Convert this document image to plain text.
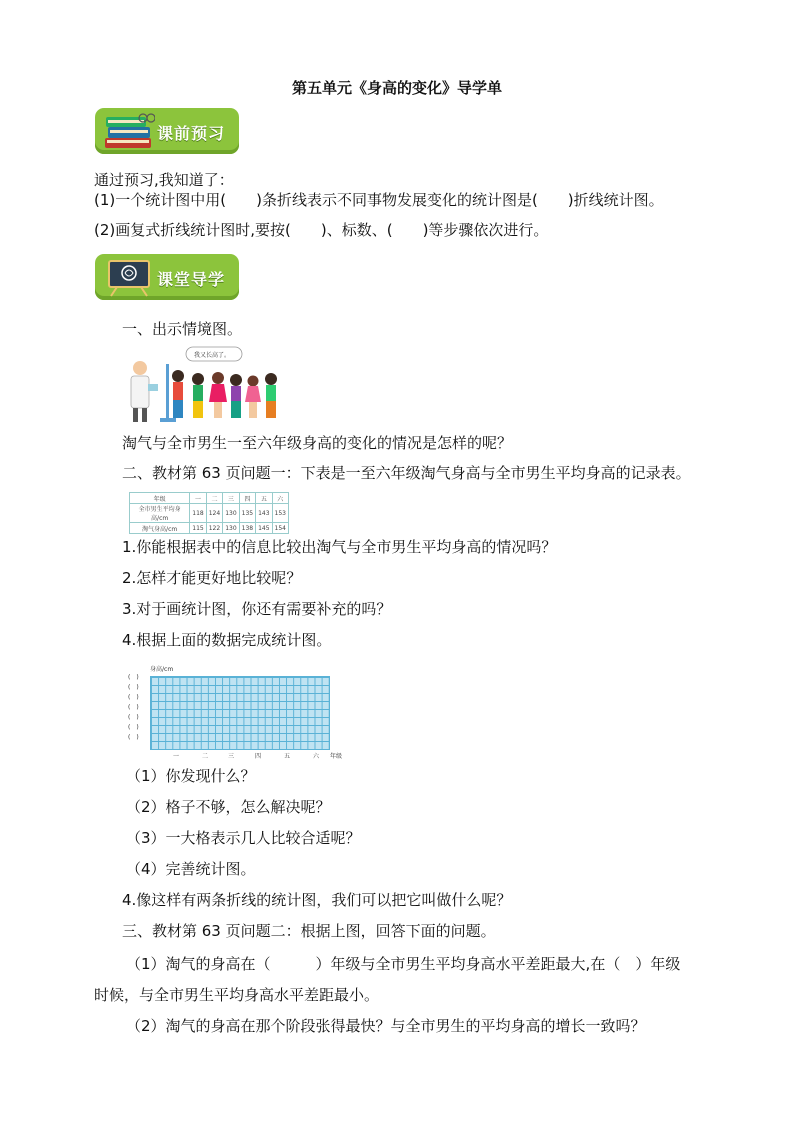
第五单元《身高的变化》导学单
课前预习
通过预习,我知道了：
(1)一个统计图中用(　　)条折线表示不同事物发展变化的统计图是(　　)折线统计图。
(2)画复式折线统计图时,要按(　　)、标数、(　　)等步骤依次进行。
课堂导学
一、出示情境图。
我又长高了。
淘气与全市男生一至六年级身高的变化的情况是怎样的呢？
二、教材第 63 页问题一：下表是一至六年级淘气身高与全市男生平均身高的记录表。
年级	一	二	三	四	五	六
全市男生平均身高/cm	118	124	130	135	143	153
淘气身高/cm	115	122	130	138	145	154
1.你能根据表中的信息比较出淘气与全市男生平均身高的情况吗？
2.怎样才能更好地比较呢？
3.对于画统计图，你还有需要补充的吗？
4.根据上面的数据完成统计图。
身高/cm
(　)
(　)
(　)
(　)
(　)
(　)
(　)
一	二	三	四	五	六 年级
（1）你发现什么？
（2）格子不够，怎么解决呢？
（3）一大格表示几人比较合适呢？
（4）完善统计图。
4.像这样有两条折线的统计图，我们可以把它叫做什么呢？
三、教材第 63 页问题二：根据上图，回答下面的问题。
（1）淘气的身高在（　　　）年级与全市男生平均身高水平差距最大,在（　）年级
时候，与全市男生平均身高水平差距最小。
（2）淘气的身高在那个阶段张得最快？与全市男生的平均身高的增长一致吗？
